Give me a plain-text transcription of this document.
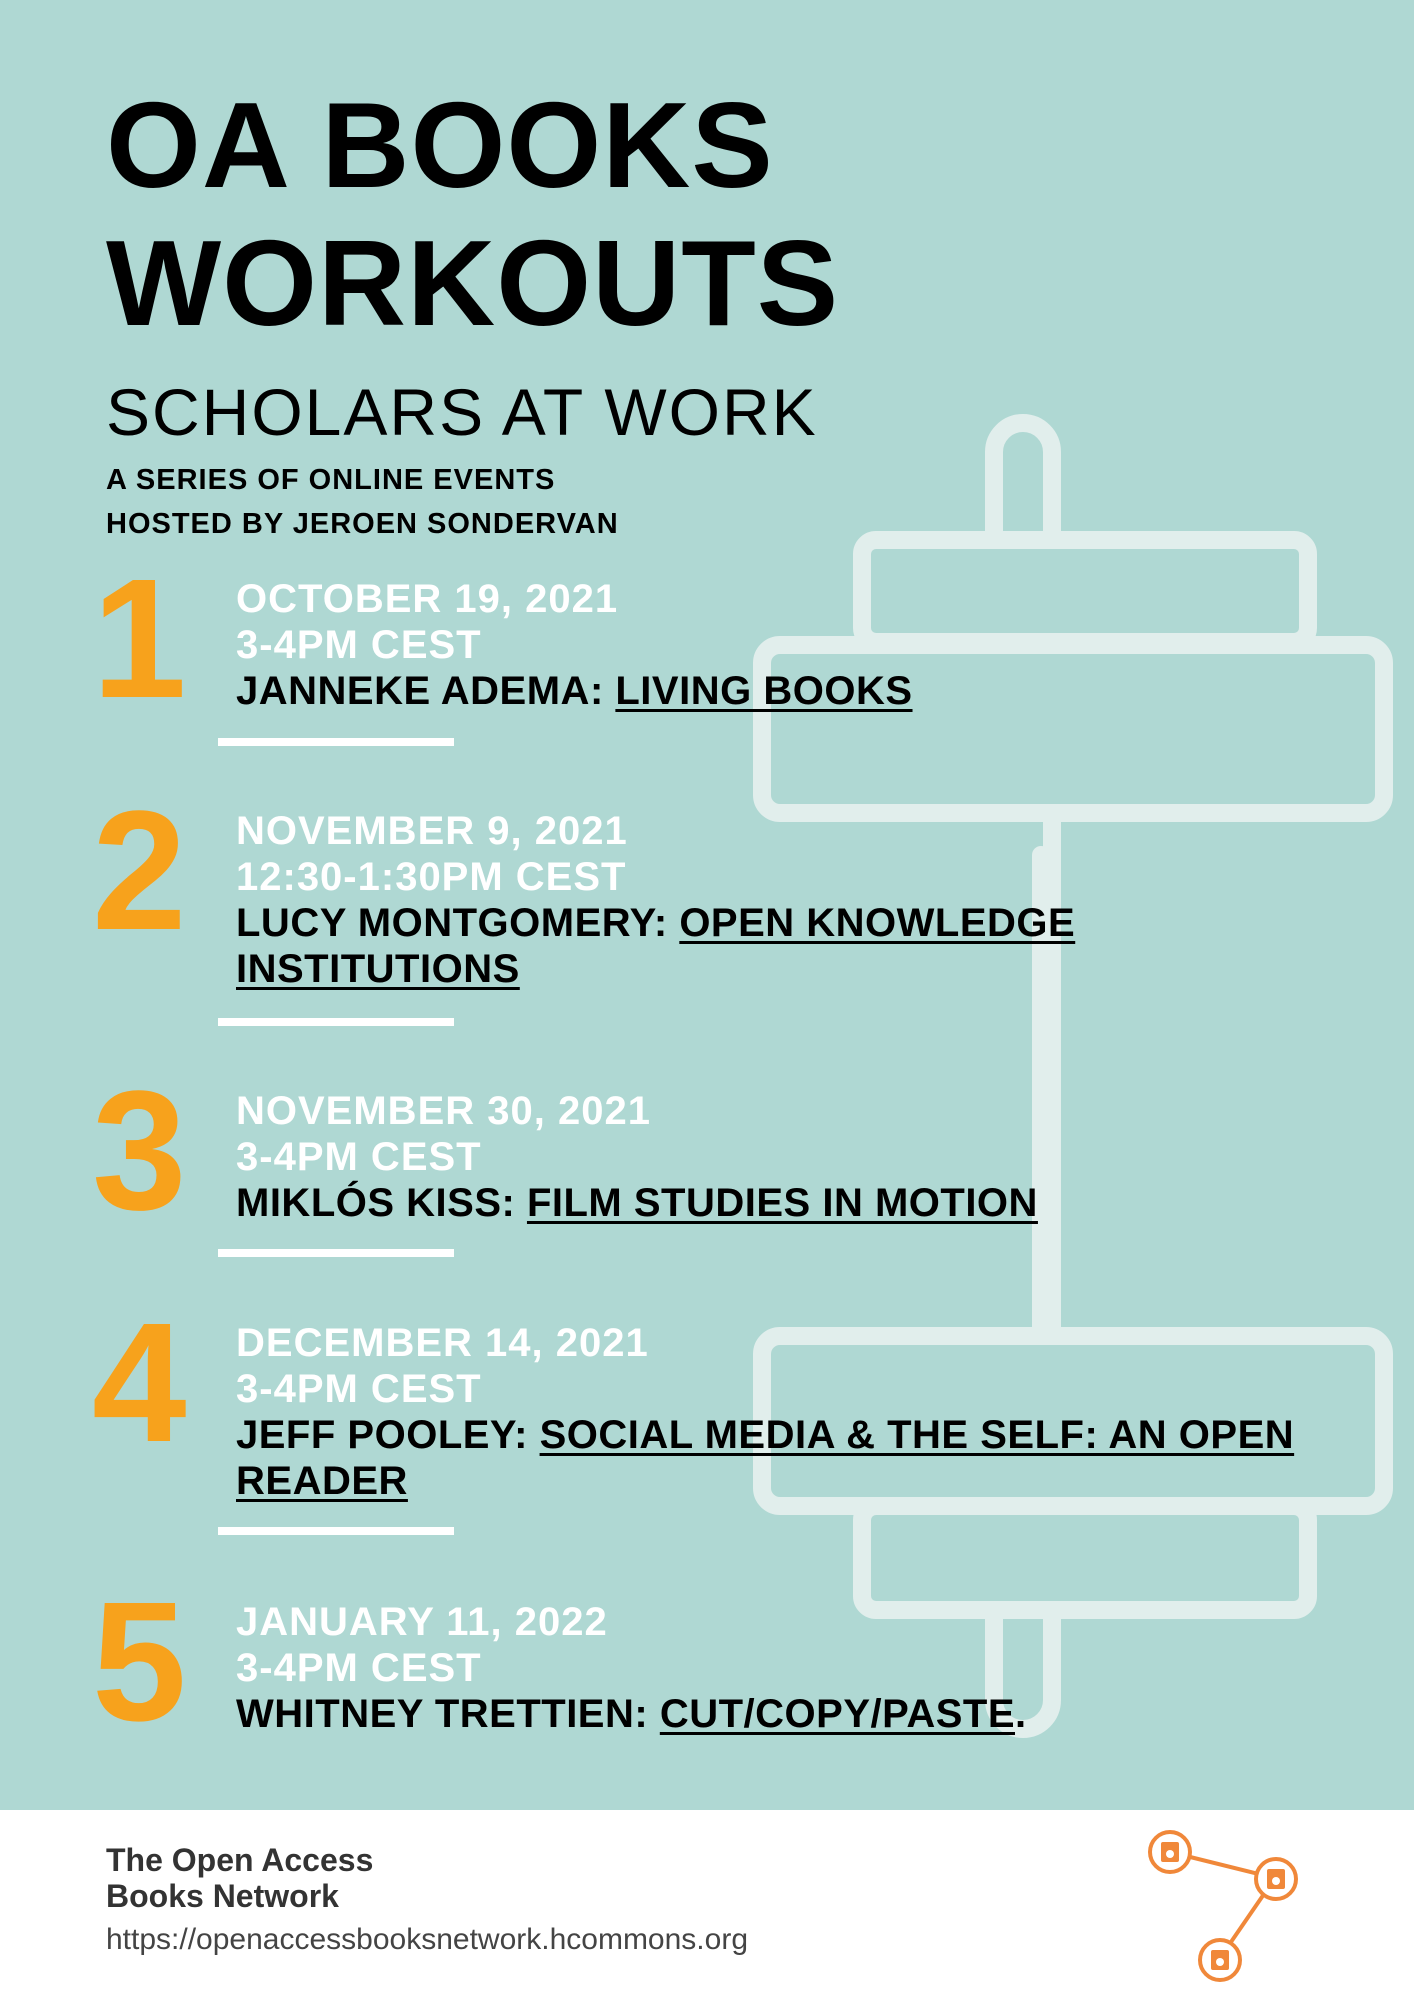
OA BOOKS
WORKOUTS
SCHOLARS AT WORK
A SERIES OF ONLINE EVENTS
HOSTED BY JEROEN SONDERVAN
1 OCTOBER 19, 2021
3-4PM CEST
JANNEKE ADEMA: LIVING BOOKS
2 NOVEMBER 9, 2021
12:30-1:30PM CEST
LUCY MONTGOMERY: OPEN KNOWLEDGE INSTITUTIONS
3 NOVEMBER 30, 2021
3-4PM CEST
MIKLÓS KISS: FILM STUDIES IN MOTION
4 DECEMBER 14, 2021
3-4PM CEST
JEFF POOLEY: SOCIAL MEDIA & THE SELF: AN OPEN READER
5 JANUARY 11, 2022
3-4PM CEST
WHITNEY TRETTIEN: CUT/COPY/PASTE.
The Open Access
Books Network
https://openaccessbooksnetwork.hcommons.org
